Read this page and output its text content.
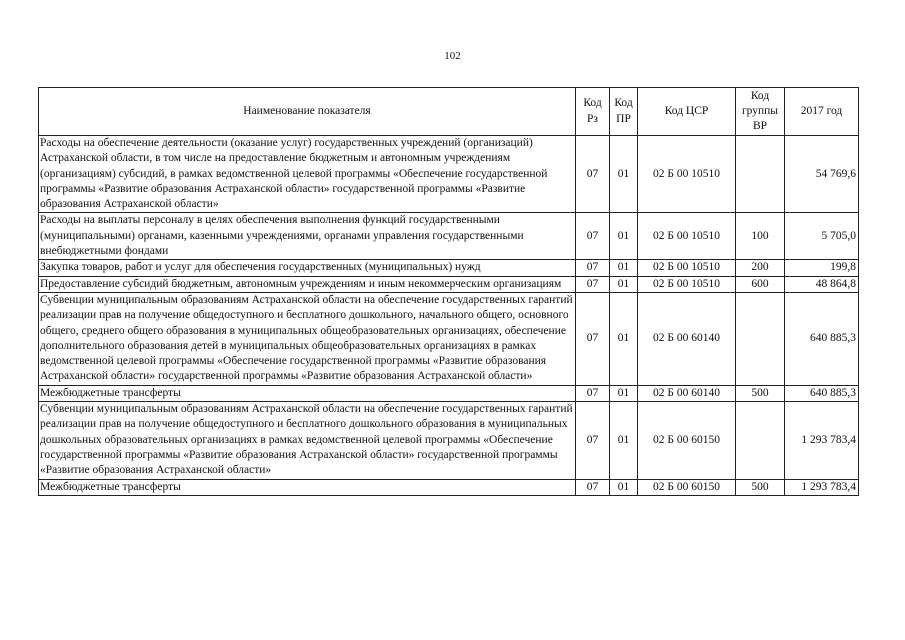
102
Наименование показателя	Код Рз	Код ПР	Код ЦСР	Код группы ВР	2017 год
Расходы на обеспечение деятельности (оказание услуг) государственных учреждений (организаций) Астраханской области, в том числе на предоставление бюджетным и автономным учреждениям (организациям) субсидий, в рамках ведомственной целевой программы «Обеспечение государственной программы «Развитие образования Астраханской области» государственной программы «Развитие образования Астраханской области»	07	01	02 Б 00 10510		54 769,6
Расходы на выплаты персоналу в целях обеспечения выполнения функций государственными (муниципальными) органами, казенными учреждениями, органами управления государственными внебюджетными фондами	07	01	02 Б 00 10510	100	5 705,0
Закупка товаров, работ и услуг для обеспечения государственных (муниципальных) нужд	07	01	02 Б 00 10510	200	199,8
Предоставление субсидий бюджетным, автономным учреждениям и иным некоммерческим организациям	07	01	02 Б 00 10510	600	48 864,8
Субвенции муниципальным образованиям Астраханской области на обеспечение государственных гарантий реализации прав на получение общедоступного и бесплатного дошкольного, начального общего, основного общего, среднего общего образования в муниципальных общеобразовательных организациях, обеспечение дополнительного образования детей в муниципальных общеобразовательных организациях в рамках ведомственной целевой программы «Обеспечение государственной программы «Развитие образования Астраханской области» государственной программы «Развитие образования Астраханской области»	07	01	02 Б 00 60140		640 885,3
Межбюджетные трансферты	07	01	02 Б 00 60140	500	640 885,3
Субвенции муниципальным образованиям Астраханской области на обеспечение государственных гарантий реализации прав на получение общедоступного и бесплатного дошкольного образования в муниципальных дошкольных образовательных организациях в рамках ведомственной целевой программы «Обеспечение государственной программы «Развитие образования Астраханской области» государственной программы «Развитие образования Астраханской области»	07	01	02 Б 00 60150		1 293 783,4
Межбюджетные трансферты	07	01	02 Б 00 60150	500	1 293 783,4
